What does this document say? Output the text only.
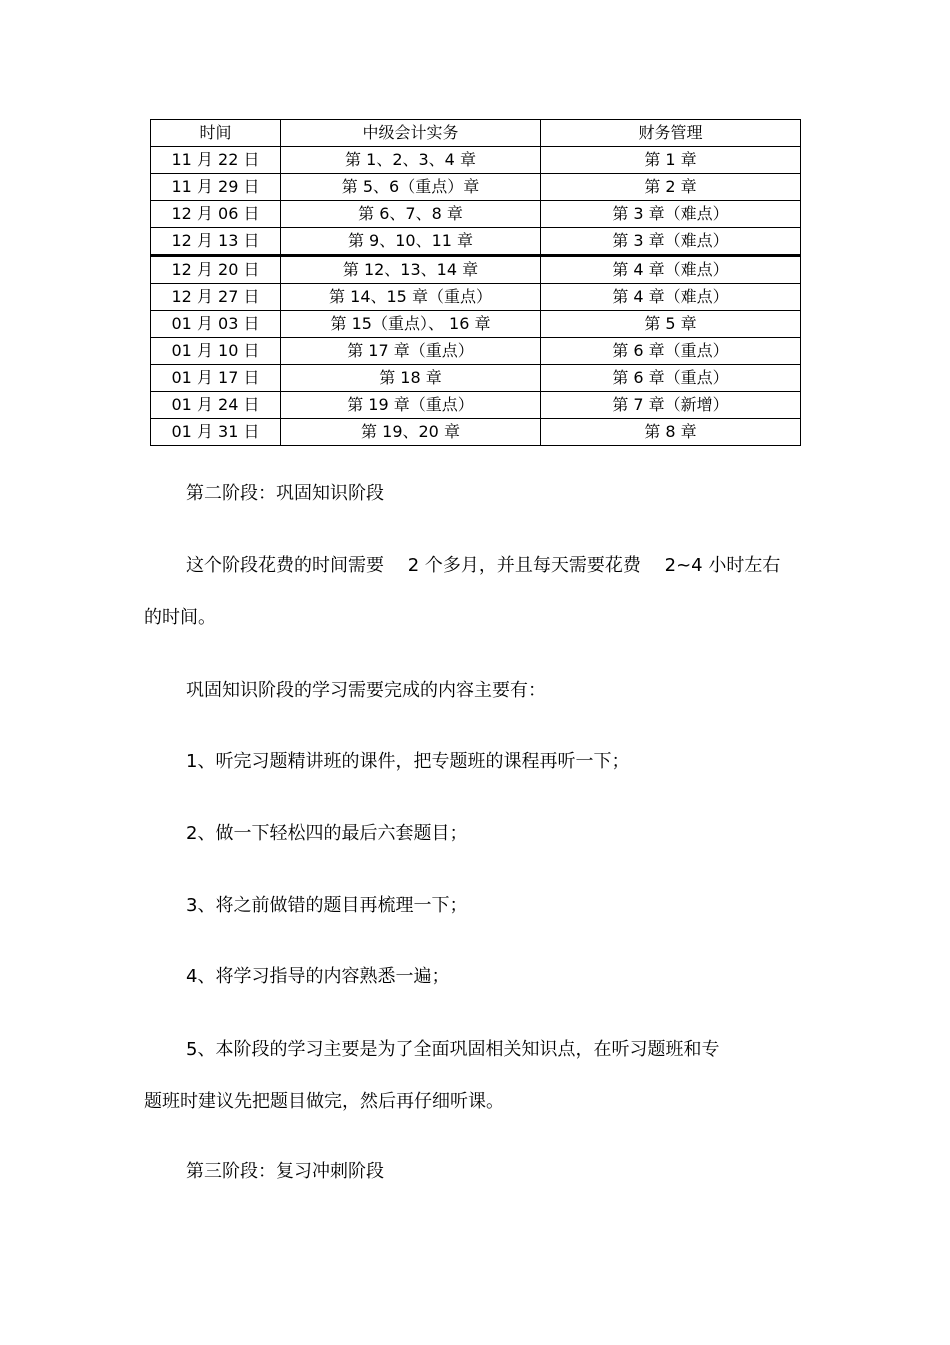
时间	中级会计实务	财务管理
11 月 22 日	第 1、2、3、4 章	第 1 章
11 月 29 日	第 5、6（重点）章	第 2 章
12 月 06 日	第 6、7、8 章	第 3 章（难点）
12 月 13 日	第 9、10、11 章	第 3 章（难点）
12 月 20 日	第 12、13、14 章	第 4 章（难点）
12 月 27 日	第 14、15 章（重点）	第 4 章（难点）
01 月 03 日	第 15（重点）、 16 章	第 5 章
01 月 10 日	第 17 章（重点）	第 6 章（重点）
01 月 17 日	第 18 章	第 6 章（重点）
01 月 24 日	第 19 章（重点）	第 7 章（新增）
01 月 31 日	第 19、20 章	第 8 章

第二阶段：巩固知识阶段

这个阶段花费的时间需要　 2 个多月，并且每天需要花费　 2~4 小时左右

的时间。

巩固知识阶段的学习需要完成的内容主要有：

1、听完习题精讲班的课件，把专题班的课程再听一下；

2、做一下轻松四的最后六套题目；

3、将之前做错的题目再梳理一下；

4、将学习指导的内容熟悉一遍；

5、本阶段的学习主要是为了全面巩固相关知识点，在听习题班和专

题班时建议先把题目做完，然后再仔细听课。

第三阶段：复习冲刺阶段
